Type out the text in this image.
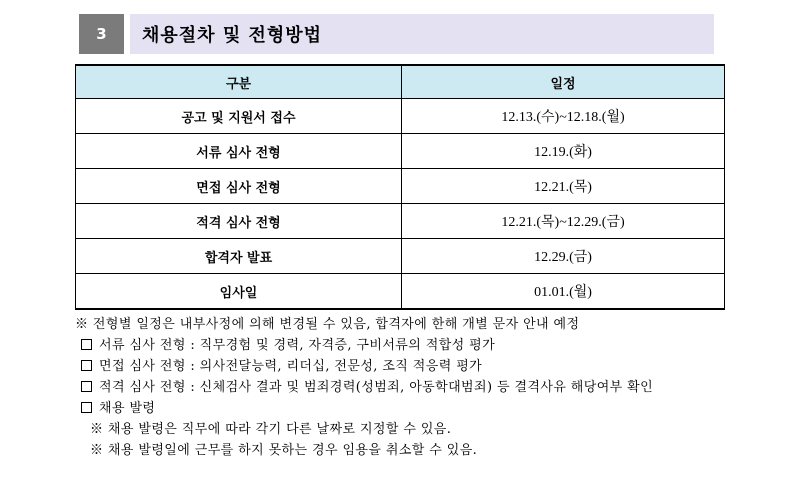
3	채용절차 및 전형방법
구분	일정
공고 및 지원서 접수	12.13.(수)~12.18.(월)
서류 심사 전형	12.19.(화)
면접 심사 전형	12.21.(목)
적격 심사 전형	12.21.(목)~12.29.(금)
합격자 발표	12.29.(금)
임사일	01.01.(월)
※ 전형별 일정은 내부사정에 의해 변경될 수 있음, 합격자에 한해 개별 문자 안내 예정
서류 심사 전형 : 직무경험 및 경력, 자격증, 구비서류의 적합성 평가
면접 심사 전형 : 의사전달능력, 리더십, 전문성, 조직 적응력 평가
적격 심사 전형 : 신체검사 결과 및 범죄경력(성범죄, 아동학대범죄) 등 결격사유 해당여부 확인
채용 발령
※ 채용 발령은 직무에 따라 각기 다른 날짜로 지정할 수 있음.
※ 채용 발령일에 근무를 하지 못하는 경우 임용을 취소할 수 있음.
